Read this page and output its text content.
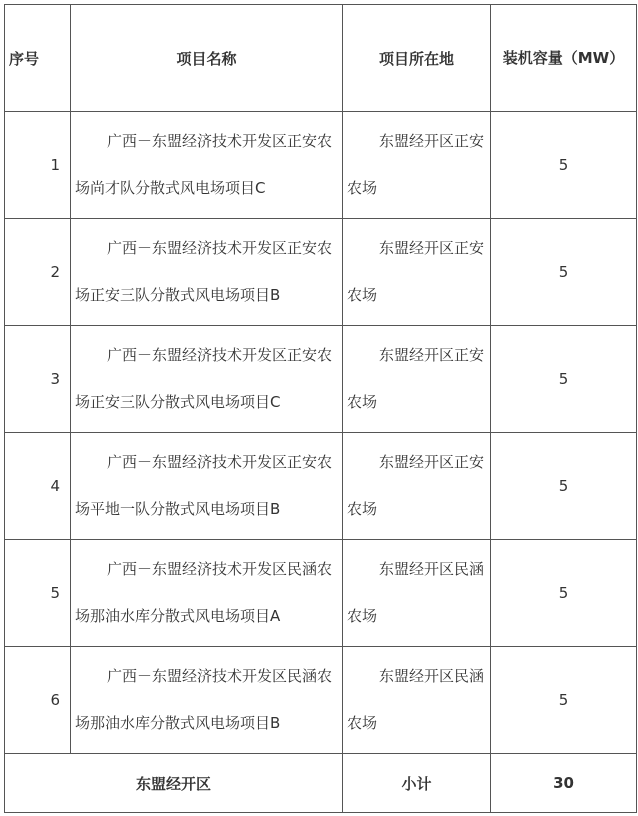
序号	项目名称	项目所在地	装机容量（MW）
1	广西－东盟经济技术开发区正安农场尚才队分散式风电场项目C	东盟经开区正安农场	5
2	广西－东盟经济技术开发区正安农场正安三队分散式风电场项目B	东盟经开区正安农场	5
3	广西－东盟经济技术开发区正安农场正安三队分散式风电场项目C	东盟经开区正安农场	5
4	广西－东盟经济技术开发区正安农场平地一队分散式风电场项目B	东盟经开区正安农场	5
5	广西－东盟经济技术开发区民涵农场那油水库分散式风电场项目A	东盟经开区民涵农场	5
6	广西－东盟经济技术开发区民涵农场那油水库分散式风电场项目B	东盟经开区民涵农场	5
东盟经开区		小计	30
